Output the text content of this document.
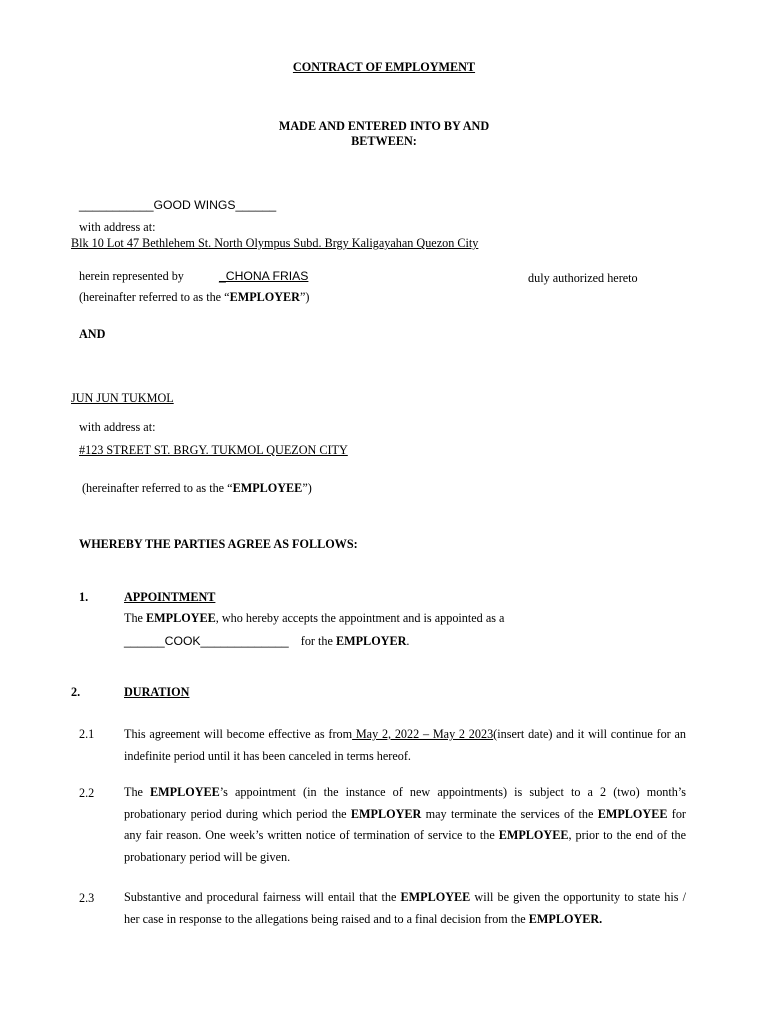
CONTRACT OF EMPLOYMENT
MADE AND ENTERED INTO BY AND
BETWEEN:
___________GOOD WINGS______
with address at:
Blk 10 Lot 47 Bethlehem St. North Olympus Subd. Brgy Kaligayahan Quezon City
herein represented by	_CHONA FRIAS	duly authorized hereto
(hereinafter referred to as the “EMPLOYER”)
AND
JUN JUN TUKMOL
with address at:
#123 STREET ST. BRGY. TUKMOL QUEZON CITY
(hereinafter referred to as the “EMPLOYEE”)
WHEREBY THE PARTIES AGREE AS FOLLOWS:
1.	APPOINTMENT
The EMPLOYEE, who hereby accepts the appointment and is appointed as a
______COOK_____________ for the EMPLOYER.
2.	DURATION
2.1 This agreement will become effective as from May 2, 2022 – May 2 2023(insert date) and it will continue for an indefinite period until it has been canceled in terms hereof.
2.2 The EMPLOYEE’s appointment (in the instance of new appointments) is subject to a 2 (two) month’s probationary period during which period the EMPLOYER may terminate the services of the EMPLOYEE for any fair reason. One week’s written notice of termination of service to the EMPLOYEE, prior to the end of the probationary period will be given.
2.3 Substantive and procedural fairness will entail that the EMPLOYEE will be given the opportunity to state his / her case in response to the allegations being raised and to a final decision from the EMPLOYER.
